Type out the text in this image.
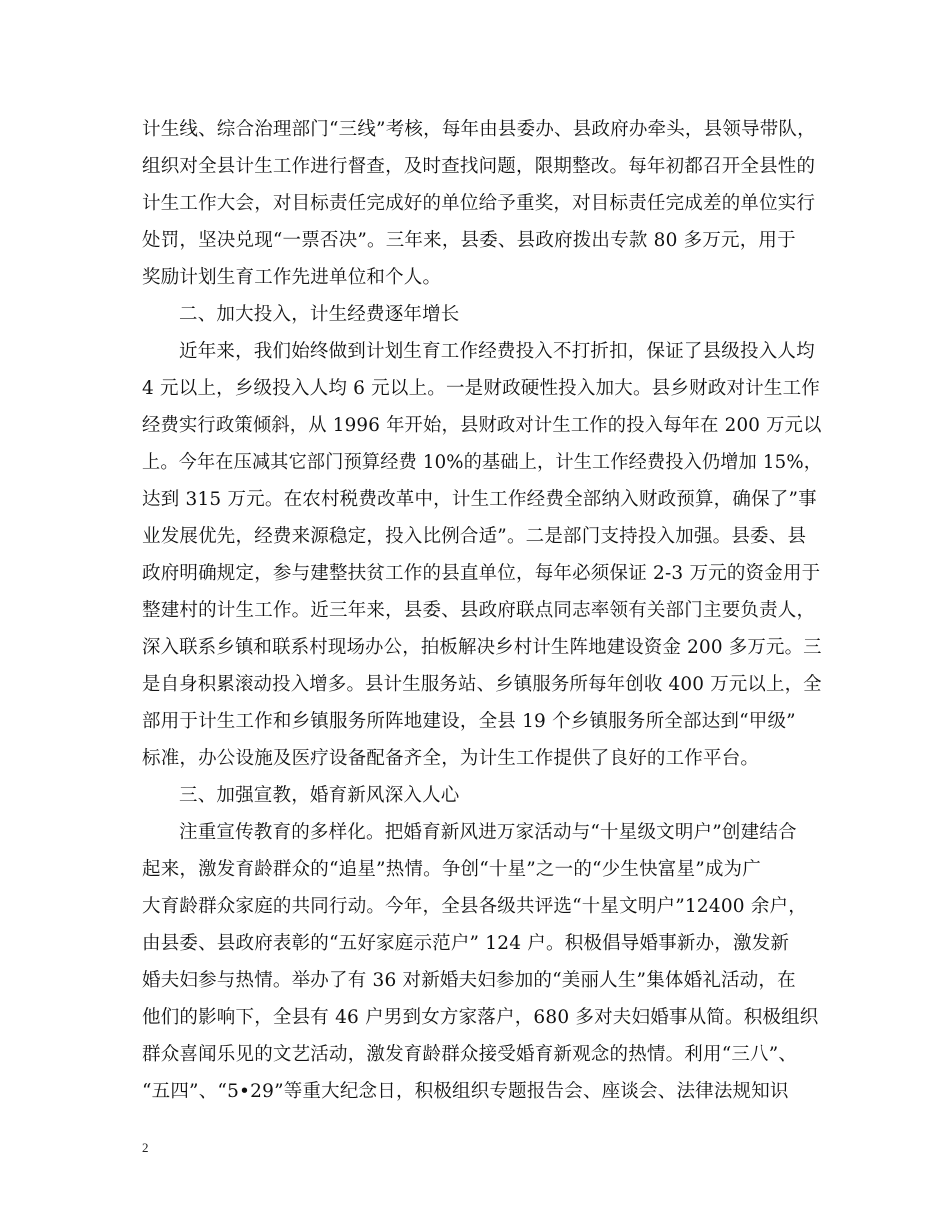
计生线、综合治理部门“三线”考核，每年由县委办、县政府办牵头，县领导带队，
组织对全县计生工作进行督查，及时查找问题，限期整改。每年初都召开全县性的
计生工作大会，对目标责任完成好的单位给予重奖，对目标责任完成差的单位实行
处罚，坚决兑现“一票否决”。三年来，县委、县政府拨出专款 80 多万元，用于
奖励计划生育工作先进单位和个人。
二、加大投入，计生经费逐年增长
近年来，我们始终做到计划生育工作经费投入不打折扣，保证了县级投入人均
4 元以上，乡级投入人均 6 元以上。一是财政硬性投入加大。县乡财政对计生工作
经费实行政策倾斜，从 1996 年开始，县财政对计生工作的投入每年在 200 万元以
上。今年在压减其它部门预算经费 10%的基础上，计生工作经费投入仍增加 15%，
达到 315 万元。在农村税费改革中，计生工作经费全部纳入财政预算，确保了”事
业发展优先，经费来源稳定，投入比例合适”。二是部门支持投入加强。县委、县
政府明确规定，参与建整扶贫工作的县直单位，每年必须保证 2-3 万元的资金用于
整建村的计生工作。近三年来，县委、县政府联点同志率领有关部门主要负责人，
深入联系乡镇和联系村现场办公，拍板解决乡村计生阵地建设资金 200 多万元。三
是自身积累滚动投入增多。县计生服务站、乡镇服务所每年创收 400 万元以上，全
部用于计生工作和乡镇服务所阵地建设，全县 19 个乡镇服务所全部达到“甲级”
标准，办公设施及医疗设备配备齐全，为计生工作提供了良好的工作平台。
三、加强宣教，婚育新风深入人心
注重宣传教育的多样化。把婚育新风进万家活动与“十星级文明户”创建结合
起来，激发育龄群众的“追星”热情。争创“十星”之一的“少生快富星”成为广
大育龄群众家庭的共同行动。今年，全县各级共评选“十星文明户”12400 余户，
由县委、县政府表彰的“五好家庭示范户” 124 户。积极倡导婚事新办，激发新
婚夫妇参与热情。举办了有 36 对新婚夫妇参加的“美丽人生”集体婚礼活动，在
他们的影响下，全县有 46 户男到女方家落户，680 多对夫妇婚事从简。积极组织
群众喜闻乐见的文艺活动，激发育龄群众接受婚育新观念的热情。利用“三八”、
“五四”、“5•29”等重大纪念日，积极组织专题报告会、座谈会、法律法规知识
2
